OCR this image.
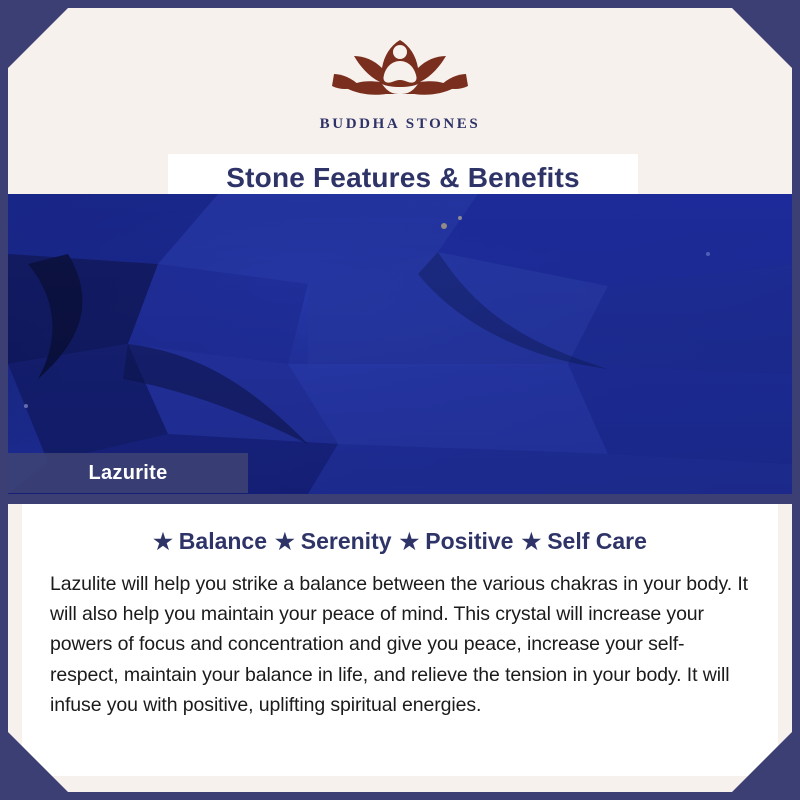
BUDDHA STONES
Stone Features & Benefits
Lazurite
★ Balance ★ Serenity ★ Positive ★ Self Care
Lazulite will help you strike a balance between the various chakras in your body. It will also help you maintain your peace of mind. This crystal will increase your powers of focus and concentration and give you peace, increase your self-respect, maintain your balance in life, and relieve the tension in your body. It will infuse you with positive, uplifting spiritual energies.
